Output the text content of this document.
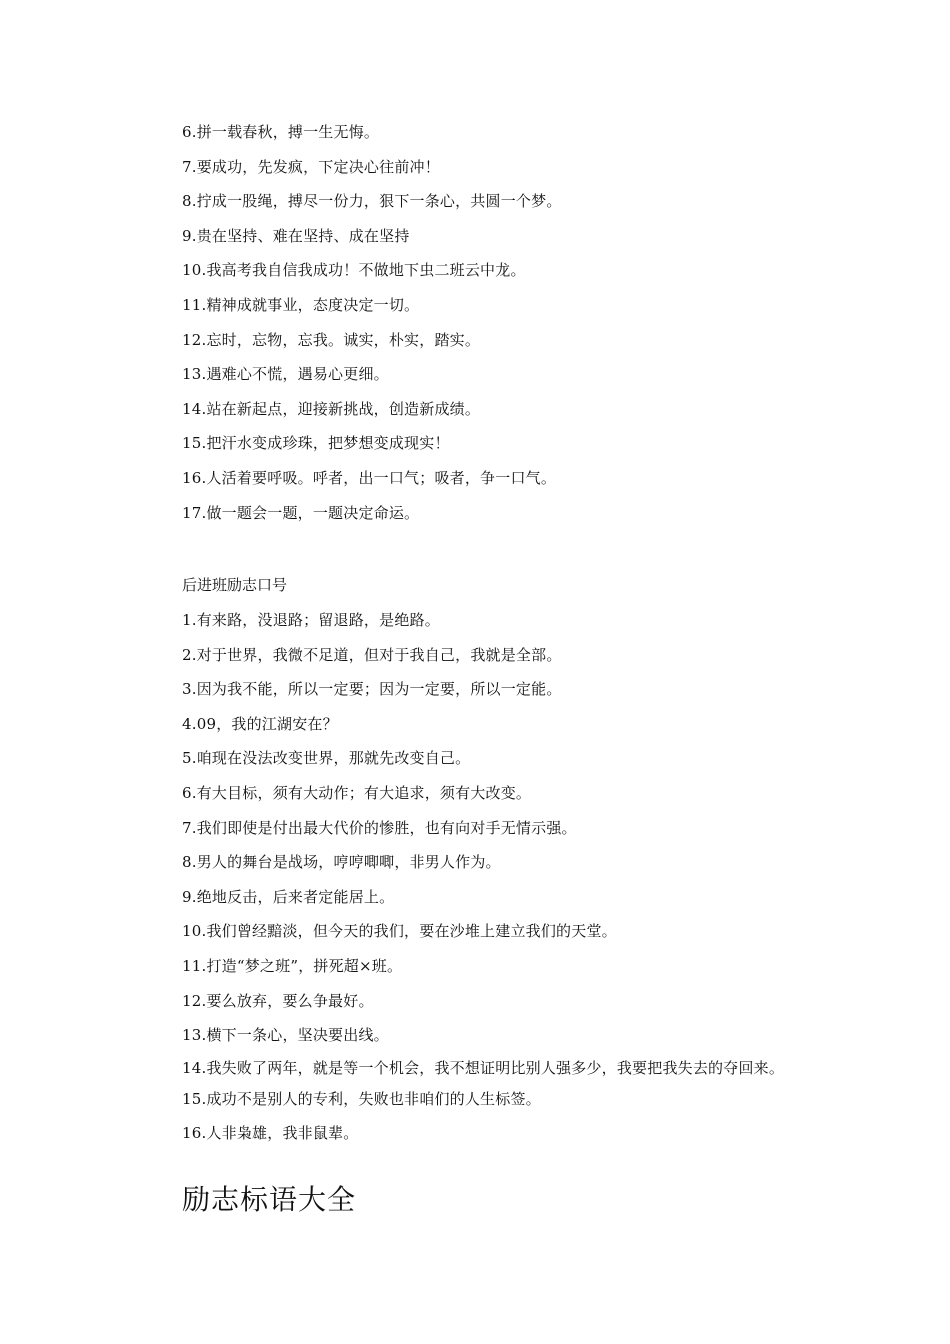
6.拼一载春秋，搏一生无悔。

7.要成功，先发疯，下定决心往前冲！

8.拧成一股绳，搏尽一份力，狠下一条心，共圆一个梦。

9.贵在坚持、难在坚持、成在坚持

10.我高考我自信我成功！不做地下虫二班云中龙。

11.精神成就事业，态度决定一切。

12.忘时，忘物，忘我。诚实，朴实，踏实。

13.遇难心不慌，遇易心更细。

14.站在新起点，迎接新挑战，创造新成绩。

15.把汗水变成珍珠，把梦想变成现实！

16.人活着要呼吸。呼者，出一口气；吸者，争一口气。

17.做一题会一题，一题决定命运。

后进班励志口号

1.有来路，没退路；留退路，是绝路。

2.对于世界，我微不足道，但对于我自己，我就是全部。

3.因为我不能，所以一定要；因为一定要，所以一定能。

4.09，我的江湖安在？

5.咱现在没法改变世界，那就先改变自己。

6.有大目标，须有大动作；有大追求，须有大改变。

7.我们即使是付出最大代价的惨胜，也有向对手无情示强。

8.男人的舞台是战场，哼哼唧唧，非男人作为。

9.绝地反击，后来者定能居上。

10.我们曾经黯淡，但今天的我们，要在沙堆上建立我们的天堂。

11.打造“梦之班”，拼死超×班。

12.要么放弃，要么争最好。

13.横下一条心，坚决要出线。

14.我失败了两年，就是等一个机会，我不想证明比别人强多少，我要把我失去的夺回来。

15.成功不是别人的专利，失败也非咱们的人生标签。

16.人非枭雄，我非鼠辈。

励志标语大全
